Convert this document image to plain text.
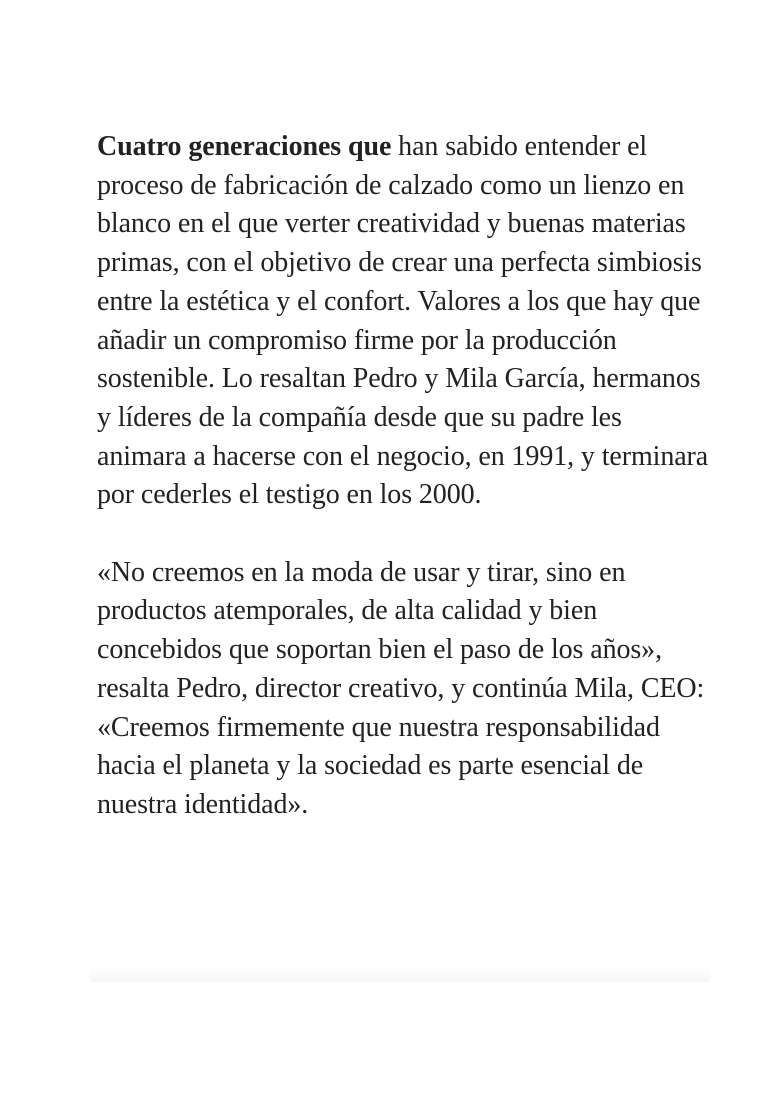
Cuatro generaciones que han sabido entender el proceso de fabricación de calzado como un lienzo en blanco en el que verter creatividad y buenas materias primas, con el objetivo de crear una perfecta simbiosis entre la estética y el confort. Valores a los que hay que añadir un compromiso firme por la producción sostenible. Lo resaltan Pedro y Mila García, hermanos y líderes de la compañía desde que su padre les animara a hacerse con el negocio, en 1991, y terminara por cederles el testigo en los 2000.

«No creemos en la moda de usar y tirar, sino en productos atemporales, de alta calidad y bien concebidos que soportan bien el paso de los años», resalta Pedro, director creativo, y continúa Mila, CEO: «Creemos firmemente que nuestra responsabilidad hacia el planeta y la sociedad es parte esencial de nuestra identidad».
